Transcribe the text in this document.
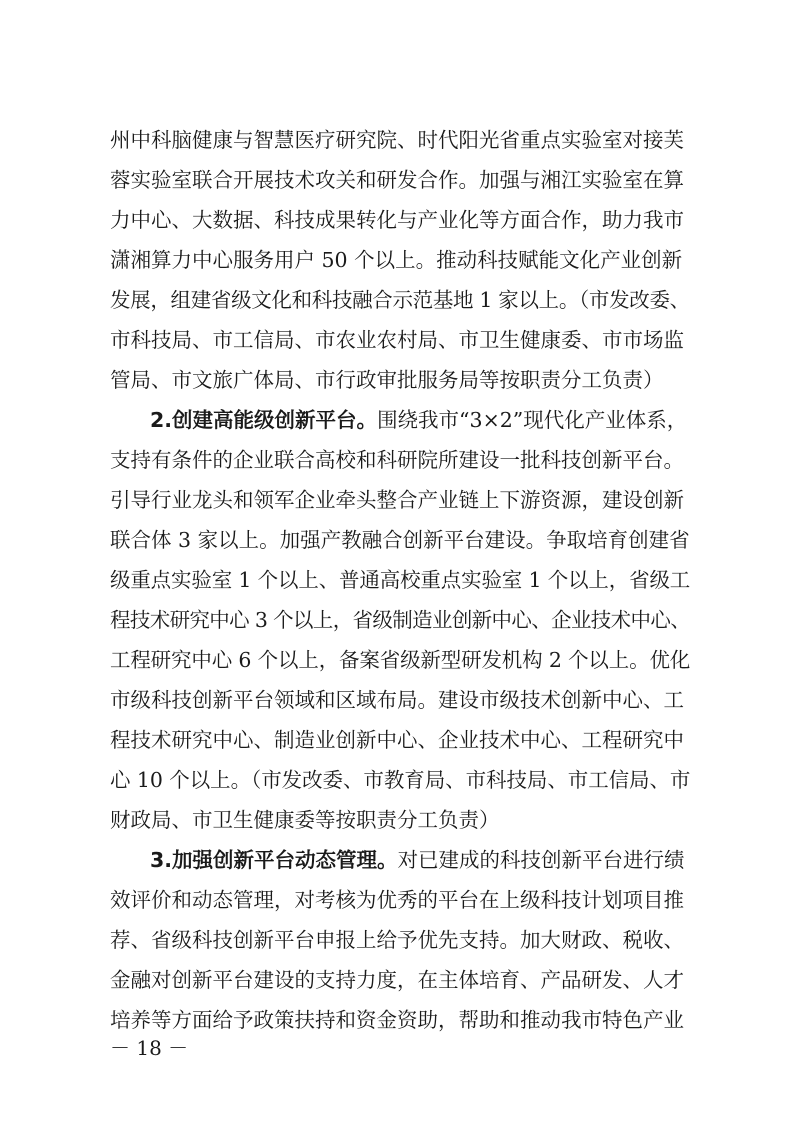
州中科脑健康与智慧医疗研究院、时代阳光省重点实验室对接芙
蓉实验室联合开展技术攻关和研发合作。加强与湘江实验室在算
力中心、大数据、科技成果转化与产业化等方面合作，助力我市
潇湘算力中心服务用户 50 个以上。推动科技赋能文化产业创新
发展，组建省级文化和科技融合示范基地 1 家以上。（市发改委、
市科技局、市工信局、市农业农村局、市卫生健康委、市市场监
管局、市文旅广体局、市行政审批服务局等按职责分工负责）
2.创建高能级创新平台。围绕我市“3×2”现代化产业体系，
支持有条件的企业联合高校和科研院所建设一批科技创新平台。
引导行业龙头和领军企业牵头整合产业链上下游资源，建设创新
联合体 3 家以上。加强产教融合创新平台建设。争取培育创建省
级重点实验室 1 个以上、普通高校重点实验室 1 个以上，省级工
程技术研究中心 3 个以上，省级制造业创新中心、企业技术中心、
工程研究中心 6 个以上，备案省级新型研发机构 2 个以上。优化
市级科技创新平台领域和区域布局。建设市级技术创新中心、工
程技术研究中心、制造业创新中心、企业技术中心、工程研究中
心 10 个以上。（市发改委、市教育局、市科技局、市工信局、市
财政局、市卫生健康委等按职责分工负责）
3.加强创新平台动态管理。对已建成的科技创新平台进行绩
效评价和动态管理，对考核为优秀的平台在上级科技计划项目推
荐、省级科技创新平台申报上给予优先支持。加大财政、税收、
金融对创新平台建设的支持力度，在主体培育、产品研发、人才
培养等方面给予政策扶持和资金资助，帮助和推动我市特色产业
－ 18 －
